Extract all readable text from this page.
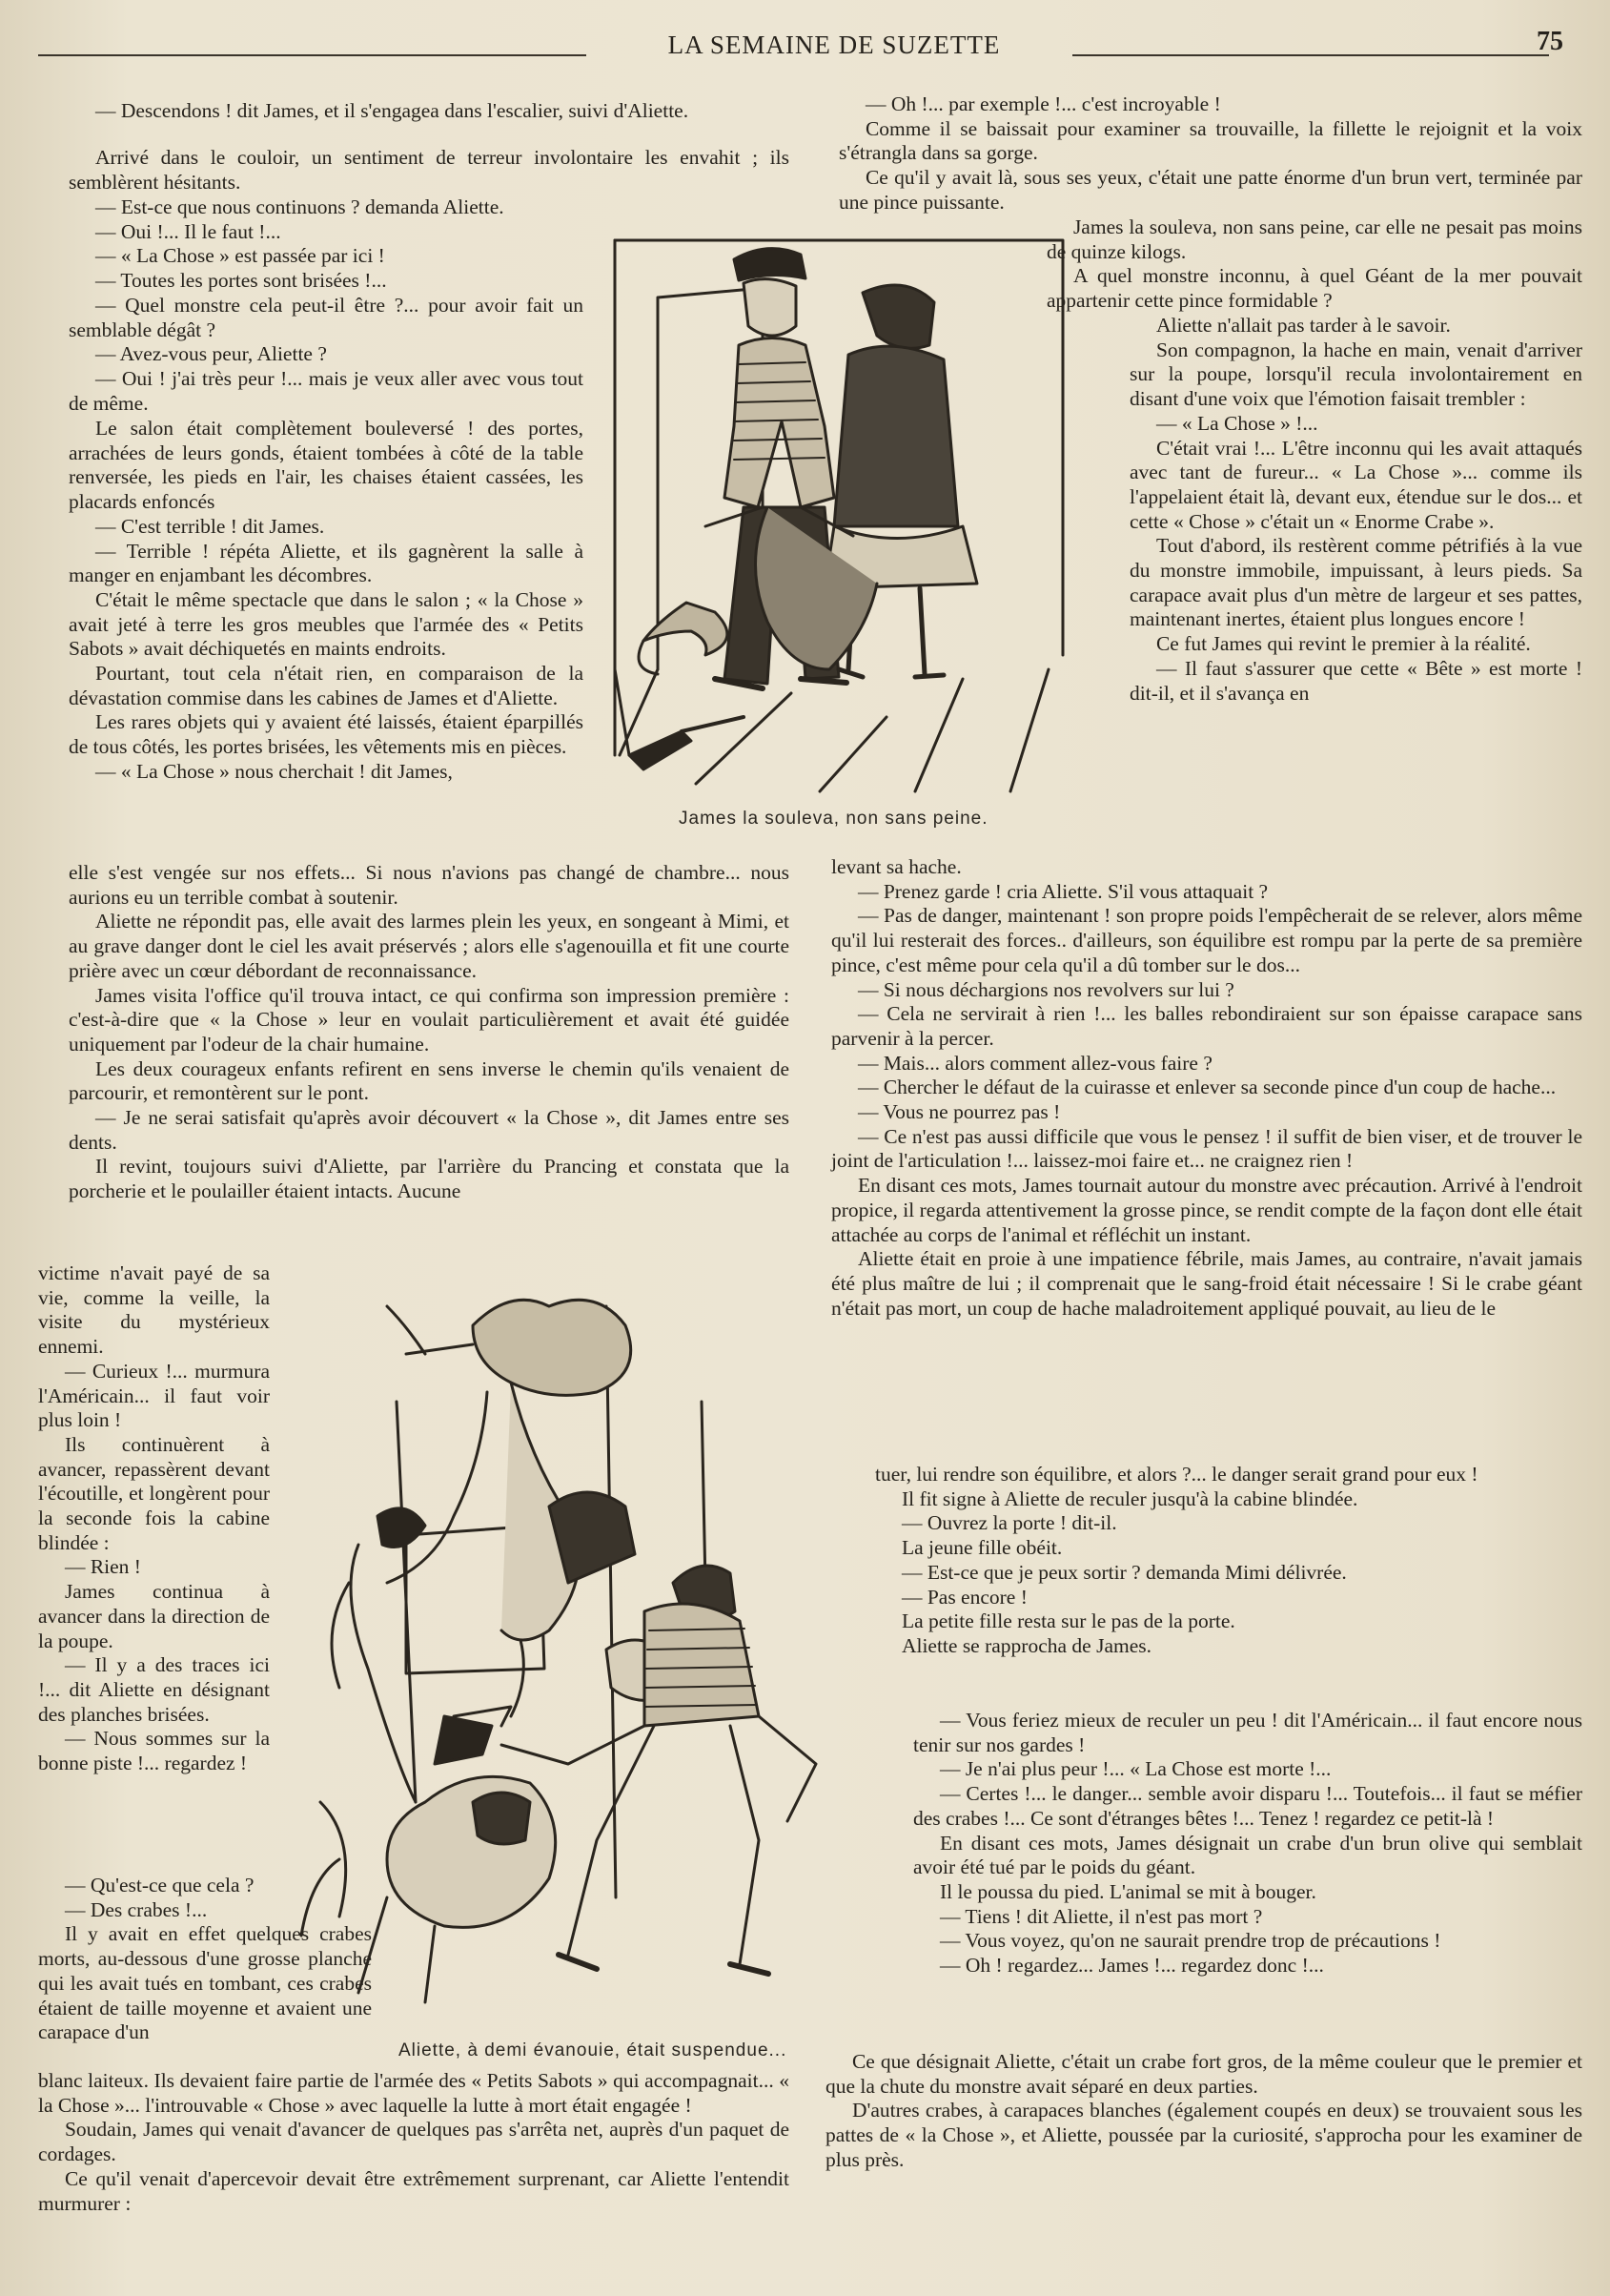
LA SEMAINE DE SUZETTE	75

— Descendons ! dit James, et il s'engagea dans l'escalier, suivi d'Aliette.

Arrivé dans le couloir, un sentiment de terreur involontaire les envahit ; ils semblèrent hésitants.

— Est-ce que nous continuons ? demanda Aliette.

— Oui !... Il le faut !...

— « La Chose » est passée par ici !

— Toutes les portes sont brisées !...

— Quel monstre cela peut-il être ?... pour avoir fait un semblable dégât ?

— Avez-vous peur, Aliette ?

— Oui ! j'ai très peur !... mais je veux aller avec vous tout de même.

Le salon était complètement bouleversé ! des portes, arrachées de leurs gonds, étaient tombées à côté de la table renversée, les pieds en l'air, les chaises étaient cassées, les placards enfoncés

— C'est terrible ! dit James.

— Terrible ! répéta Aliette, et ils gagnèrent la salle à manger en enjambant les décombres.

C'était le même spectacle que dans le salon ; « la Chose » avait jeté à terre les gros meubles que l'armée des « Petits Sabots » avait déchiquetés en maints endroits.

Pourtant, tout cela n'était rien, en comparaison de la dévastation commise dans les cabines de James et d'Aliette.

Les rares objets qui y avaient été laissés, étaient éparpillés de tous côtés, les portes brisées, les vêtements mis en pièces.

— « La Chose » nous cherchait ! dit James,

elle s'est vengée sur nos effets... Si nous n'avions pas changé de chambre... nous aurions eu un terrible combat à soutenir.

Aliette ne répondit pas, elle avait des larmes plein les yeux, en songeant à Mimi, et au grave danger dont le ciel les avait préservés ; alors elle s'agenouilla et fit une courte prière avec un cœur débordant de reconnaissance.

James visita l'office qu'il trouva intact, ce qui confirma son impression première : c'est-à-dire que « la Chose » leur en voulait particulièrement et avait été guidée uniquement par l'odeur de la chair humaine.

Les deux courageux enfants refirent en sens inverse le chemin qu'ils venaient de parcourir, et remontèrent sur le pont.

— Je ne serai satisfait qu'après avoir découvert « la Chose », dit James entre ses dents.

Il revint, toujours suivi d'Aliette, par l'arrière du Prancing et constata que la porcherie et le poulailler étaient intacts. Aucune

victime n'avait payé de sa vie, comme la veille, la visite du mystérieux ennemi.

— Curieux !... murmura l'Américain... il faut voir plus loin !

Ils continuèrent à avancer, repassèrent devant l'écoutille, et longèrent pour la seconde fois la cabine blindée :

— Rien !

James continua à avancer dans la direction de la poupe.

— Il y a des traces ici !... dit Aliette en désignant des planches brisées.

— Nous sommes sur la bonne piste !... regardez !

— Qu'est-ce que cela ?

— Des crabes !...

Il y avait en effet quelques crabes morts, au-dessous d'une grosse planche qui les avait tués en tombant, ces crabes étaient de taille moyenne et avaient une carapace d'un

blanc laiteux. Ils devaient faire partie de l'armée des « Petits Sabots » qui accompagnait... « la Chose »... l'introuvable « Chose » avec laquelle la lutte à mort était engagée !

Soudain, James qui venait d'avancer de quelques pas s'arrêta net, auprès d'un paquet de cordages.

Ce qu'il venait d'apercevoir devait être extrêmement surprenant, car Aliette l'entendit murmurer :

James la souleva, non sans peine.
Aliette, à demi évanouie, était suspendue...

— Oh !... par exemple !... c'est incroyable !

Comme il se baissait pour examiner sa trouvaille, la fillette le rejoignit et la voix s'étrangla dans sa gorge.

Ce qu'il y avait là, sous ses yeux, c'était une patte énorme d'un brun vert, terminée par une pince puissante.

James la souleva, non sans peine, car elle ne pesait pas moins de quinze kilogs.

A quel monstre inconnu, à quel Géant de la mer pouvait appartenir cette pince formidable ?

Aliette n'allait pas tarder à le savoir.

Son compagnon, la hache en main, venait d'arriver sur la poupe, lorsqu'il recula involontairement en disant d'une voix que l'émotion faisait trembler :

— « La Chose » !...

C'était vrai !... L'être inconnu qui les avait attaqués avec tant de fureur... « La Chose »... comme ils l'appelaient était là, devant eux, étendue sur le dos... et cette « Chose » c'était un « Enorme Crabe ».

Tout d'abord, ils restèrent comme pétrifiés à la vue du monstre immobile, impuissant, à leurs pieds. Sa carapace avait plus d'un mètre de largeur et ses pattes, maintenant inertes, étaient plus longues encore !

Ce fut James qui revint le premier à la réalité.

— Il faut s'assurer que cette « Bête » est morte ! dit-il, et il s'avança en

levant sa hache.

— Prenez garde ! cria Aliette. S'il vous attaquait ?

— Pas de danger, maintenant ! son propre poids l'empêcherait de se relever, alors même qu'il lui resterait des forces.. d'ailleurs, son équilibre est rompu par la perte de sa première pince, c'est même pour cela qu'il a dû tomber sur le dos...

— Si nous déchargions nos revolvers sur lui ?

— Cela ne servirait à rien !... les balles rebondiraient sur son épaisse carapace sans parvenir à la percer.

— Mais... alors comment allez-vous faire ?

— Chercher le défaut de la cuirasse et enlever sa seconde pince d'un coup de hache...

— Vous ne pourrez pas !

— Ce n'est pas aussi difficile que vous le pensez ! il suffit de bien viser, et de trouver le joint de l'articulation !... laissez-moi faire et... ne craignez rien !

En disant ces mots, James tournait autour du monstre avec précaution. Arrivé à l'endroit propice, il regarda attentivement la grosse pince, se rendit compte de la façon dont elle était attachée au corps de l'animal et réfléchit un instant.

Aliette était en proie à une impatience fébrile, mais James, au contraire, n'avait jamais été plus maître de lui ; il comprenait que le sang-froid était nécessaire ! Si le crabe géant n'était pas mort, un coup de hache maladroitement appliqué pouvait, au lieu de le

tuer, lui rendre son équilibre, et alors ?... le danger serait grand pour eux !

Il fit signe à Aliette de reculer jusqu'à la cabine blindée.

— Ouvrez la porte ! dit-il.

La jeune fille obéit.

— Est-ce que je peux sortir ? demanda Mimi délivrée.

— Pas encore !

La petite fille resta sur le pas de la porte.

Aliette se rapprocha de James.

— Vous feriez mieux de reculer un peu ! dit l'Américain... il faut encore nous tenir sur nos gardes !

— Je n'ai plus peur !... « La Chose est morte !...

— Certes !... le danger... semble avoir disparu !... Toutefois... il faut se méfier des crabes !... Ce sont d'étranges bêtes !... Tenez ! regardez ce petit-là !

En disant ces mots, James désignait un crabe d'un brun olive qui semblait avoir été tué par le poids du géant.

Il le poussa du pied. L'animal se mit à bouger.

— Tiens ! dit Aliette, il n'est pas mort ?

— Vous voyez, qu'on ne saurait prendre trop de précautions !

— Oh ! regardez... James !... regardez donc !...

Ce que désignait Aliette, c'était un crabe fort gros, de la même couleur que le premier et que la chute du monstre avait séparé en deux parties.

D'autres crabes, à carapaces blanches (également coupés en deux) se trouvaient sous les pattes de « la Chose », et Aliette, poussée par la curiosité, s'approcha pour les examiner de plus près.
